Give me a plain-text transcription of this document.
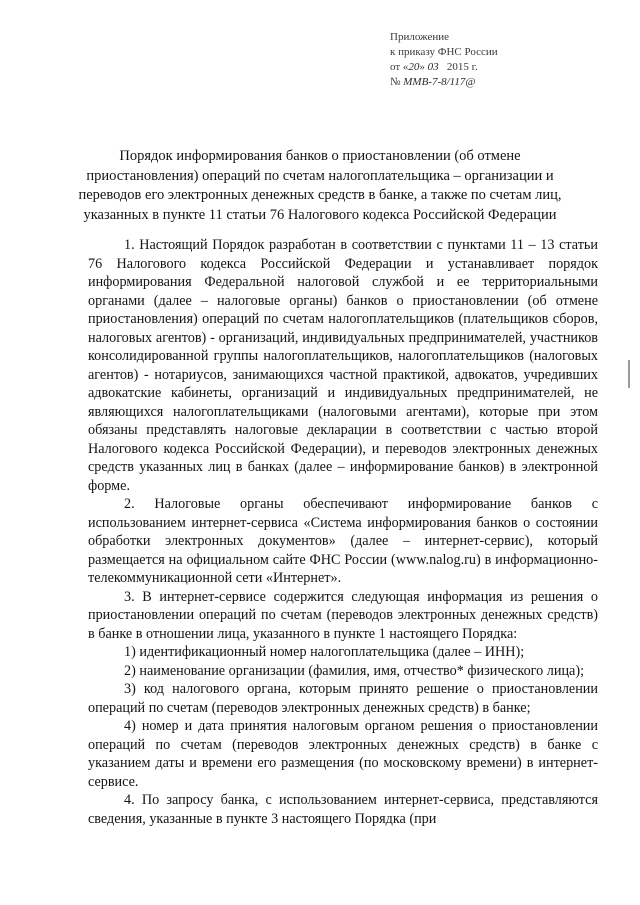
Приложение
к приказу ФНС России
от «20» 03 2015 г.
№ ММВ-7-8/117@
Порядок информирования банков о приостановлении (об отмене приостановления) операций по счетам налогоплательщика – организации и переводов его электронных денежных средств в банке, а также по счетам лиц, указанных в пункте 11 статьи 76 Налогового кодекса Российской Федерации

1. Настоящий Порядок разработан в соответствии с пунктами 11 – 13 статьи 76 Налогового кодекса Российской Федерации и устанавливает порядок информирования Федеральной налоговой службой и ее территориальными органами (далее – налоговые органы) банков о приостановлении (об отмене приостановления) операций по счетам налогоплательщиков (плательщиков сборов, налоговых агентов) - организаций, индивидуальных предпринимателей, участников консолидированной группы налогоплательщиков, налогоплательщиков (налоговых агентов) - нотариусов, занимающихся частной практикой, адвокатов, учредивших адвокатские кабинеты, организаций и индивидуальных предпринимателей, не являющихся налогоплательщиками (налоговыми агентами), которые при этом обязаны представлять налоговые декларации в соответствии с частью второй Налогового кодекса Российской Федерации), и переводов электронных денежных средств указанных лиц в банках (далее – информирование банков) в электронной форме.

2. Налоговые органы обеспечивают информирование банков с использованием интернет-сервиса «Система информирования банков о состоянии обработки электронных документов» (далее – интернет-сервис), который размещается на официальном сайте ФНС России (www.nalog.ru) в информационно-телекоммуникационной сети «Интернет».

3. В интернет-сервисе содержится следующая информация из решения о приостановлении операций по счетам (переводов электронных денежных средств) в банке в отношении лица, указанного в пункте 1 настоящего Порядка:

1) идентификационный номер налогоплательщика (далее – ИНН);

2) наименование организации (фамилия, имя, отчество* физического лица);

3) код налогового органа, которым принято решение о приостановлении операций по счетам (переводов электронных денежных средств) в банке;

4) номер и дата принятия налоговым органом решения о приостановлении операций по счетам (переводов электронных денежных средств) в банке с указанием даты и времени его размещения (по московскому времени) в интернет-сервисе.

4. По запросу банка, с использованием интернет-сервиса, представляются сведения, указанные в пункте 3 настоящего Порядка (при
